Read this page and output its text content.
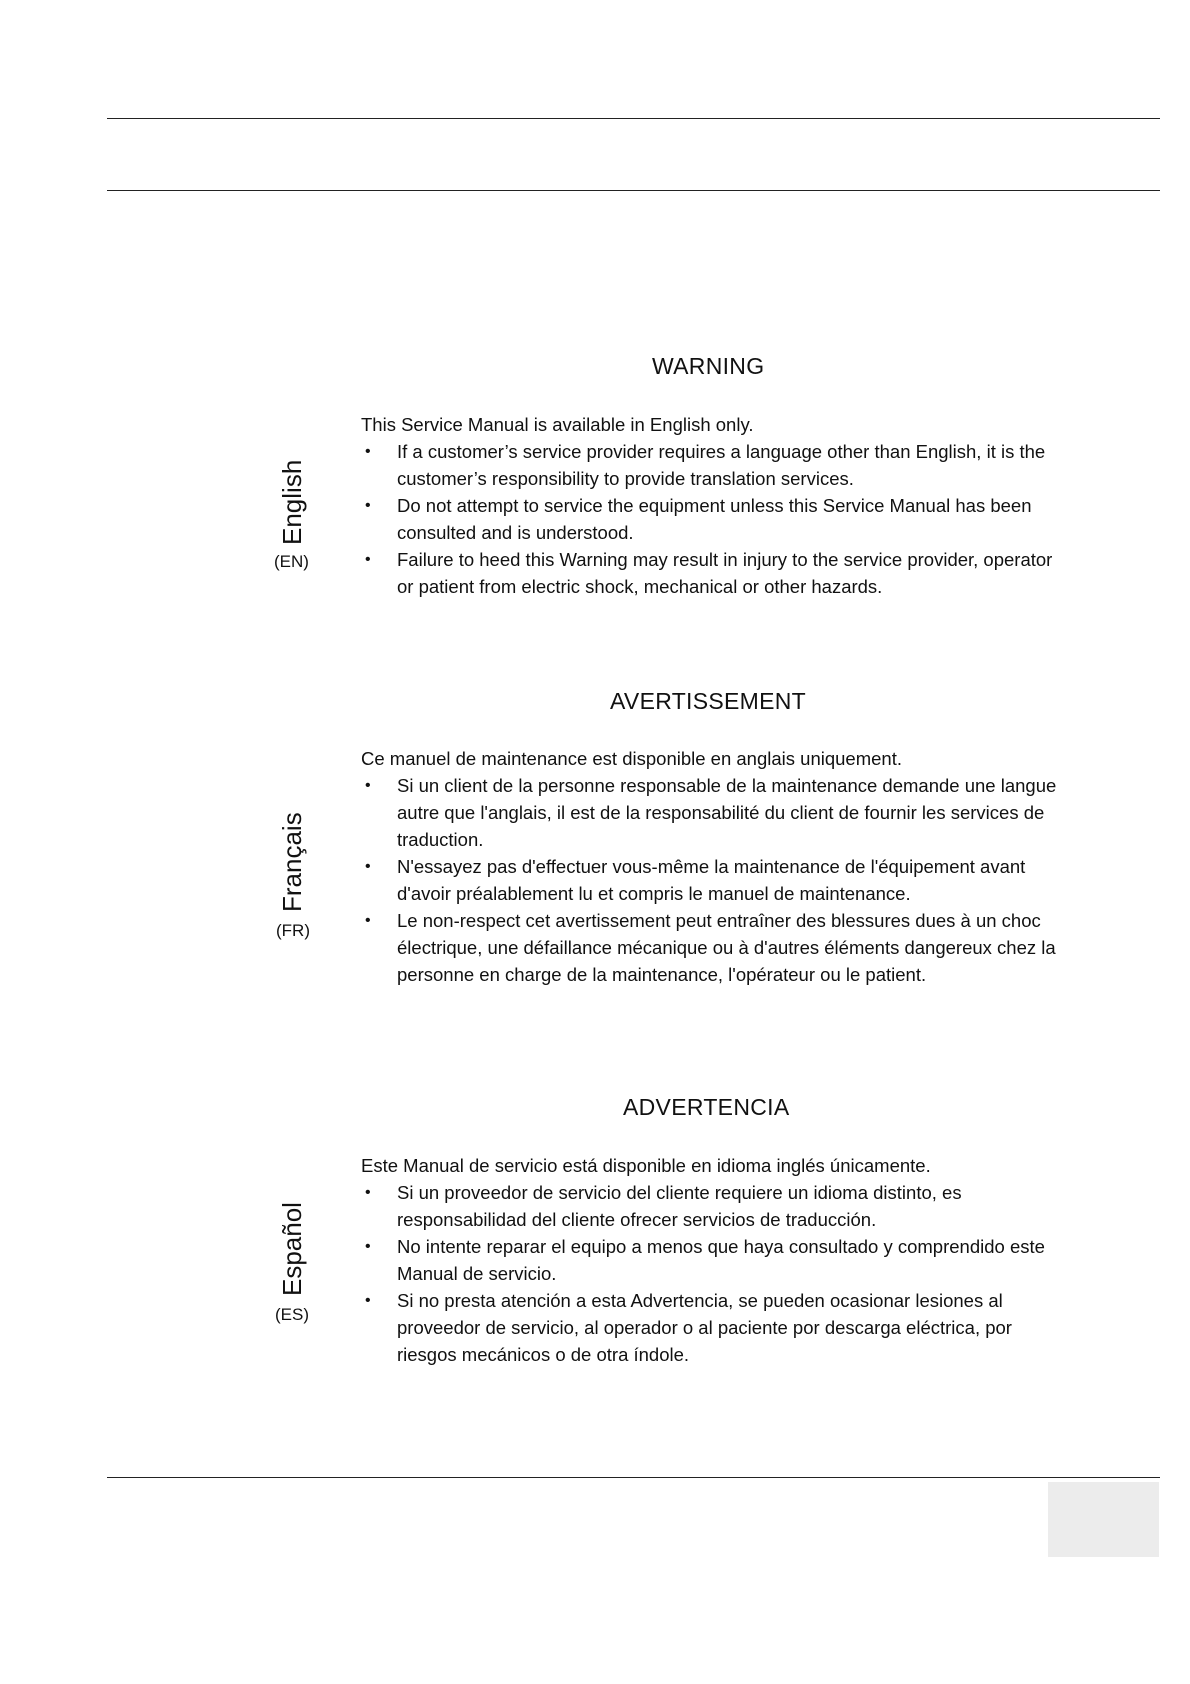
WARNING
English
(EN)
This Service Manual is available in English only.
• If a customer’s service provider requires a language other than English, it is the customer’s responsibility to provide translation services.
• Do not attempt to service the equipment unless this Service Manual has been consulted and is understood.
• Failure to heed this Warning may result in injury to the service provider, operator or patient from electric shock, mechanical or other hazards.
AVERTISSEMENT
Français
(FR)
Ce manuel de maintenance est disponible en anglais uniquement.
• Si un client de la personne responsable de la maintenance demande une langue autre que l'anglais, il est de la responsabilité du client de fournir les services de traduction.
• N'essayez pas d'effectuer vous-même la maintenance de l'équipement avant d'avoir préalablement lu et compris le manuel de maintenance.
• Le non-respect cet avertissement peut entraîner des blessures dues à un choc électrique, une défaillance mécanique ou à d'autres éléments dangereux chez la personne en charge de la maintenance, l'opérateur ou le patient.
ADVERTENCIA
Español
(ES)
Este Manual de servicio está disponible en idioma inglés únicamente.
• Si un proveedor de servicio del cliente requiere un idioma distinto, es responsabilidad del cliente ofrecer servicios de traducción.
• No intente reparar el equipo a menos que haya consultado y comprendido este Manual de servicio.
• Si no presta atención a esta Advertencia, se pueden ocasionar lesiones al proveedor de servicio, al operador o al paciente por descarga eléctrica, por riesgos mecánicos o de otra índole.
